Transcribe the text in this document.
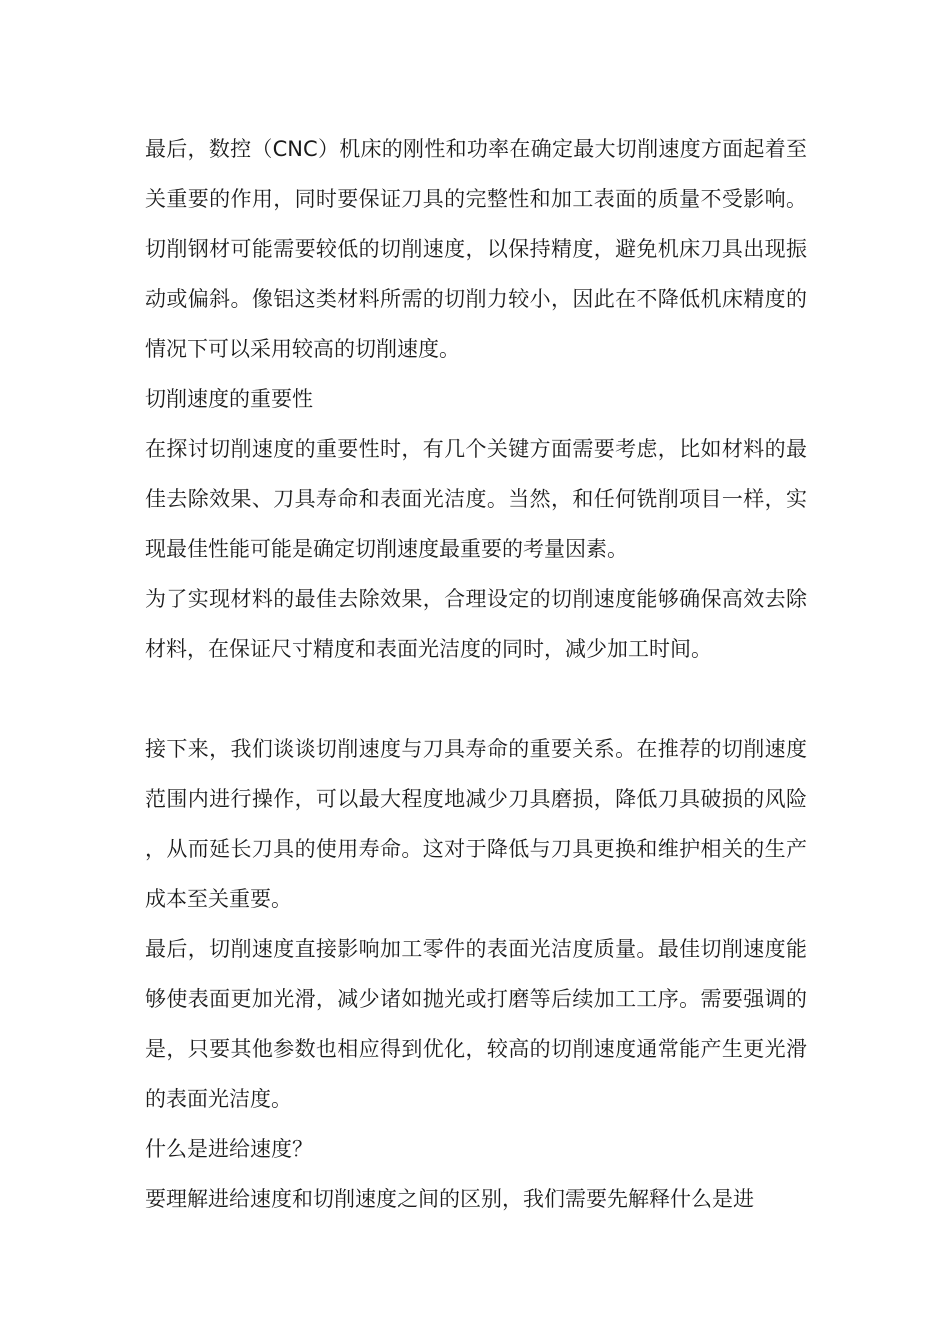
最后，数控（CNC）机床的刚性和功率在确定最大切削速度方面起着至关重要的作用，同时要保证刀具的完整性和加工表面的质量不受影响。切削钢材可能需要较低的切削速度，以保持精度，避免机床刀具出现振动或偏斜。像铝这类材料所需的切削力较小，因此在不降低机床精度的情况下可以采用较高的切削速度。

切削速度的重要性

在探讨切削速度的重要性时，有几个关键方面需要考虑，比如材料的最佳去除效果、刀具寿命和表面光洁度。当然，和任何铣削项目一样，实现最佳性能可能是确定切削速度最重要的考量因素。

为了实现材料的最佳去除效果，合理设定的切削速度能够确保高效去除材料，在保证尺寸精度和表面光洁度的同时，减少加工时间。

接下来，我们谈谈切削速度与刀具寿命的重要关系。在推荐的切削速度范围内进行操作，可以最大程度地减少刀具磨损，降低刀具破损的风险，从而延长刀具的使用寿命。这对于降低与刀具更换和维护相关的生产成本至关重要。

最后，切削速度直接影响加工零件的表面光洁度质量。最佳切削速度能够使表面更加光滑，减少诸如抛光或打磨等后续加工工序。需要强调的是，只要其他参数也相应得到优化，较高的切削速度通常能产生更光滑的表面光洁度。

什么是进给速度？

要理解进给速度和切削速度之间的区别，我们需要先解释什么是进
